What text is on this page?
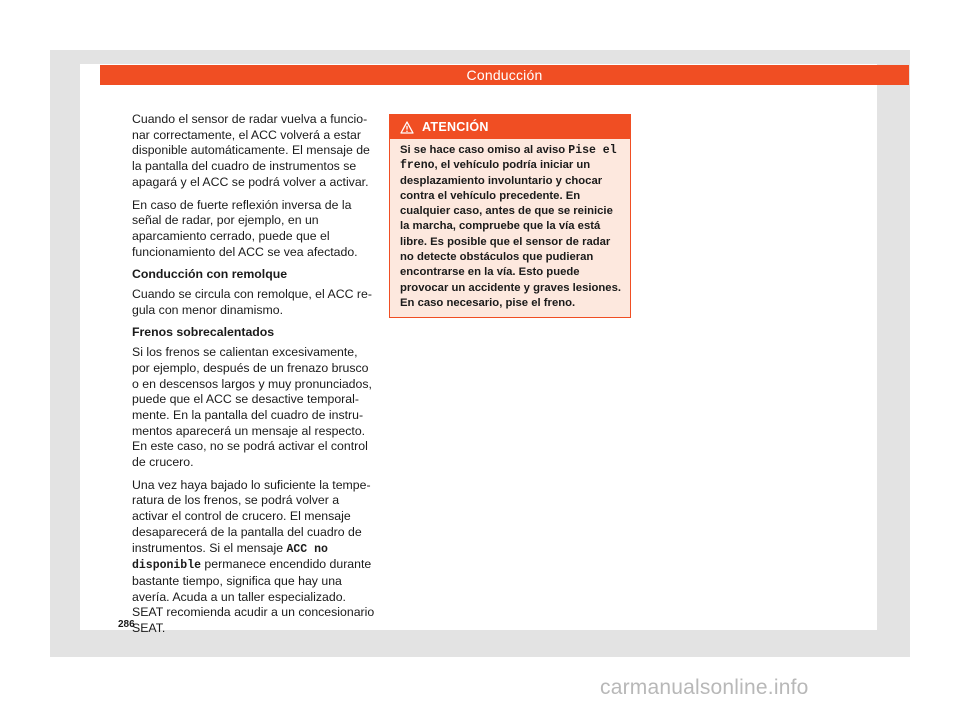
Cuando el sensor de radar vuelva a funcionar correctamente, el ACC volverá a estar disponible automáticamente. El mensaje de la pantalla del cuadro de instrumentos se apagará y el ACC se podrá volver a activar.

En caso de fuerte reflexión inversa de la señal de radar, por ejemplo, en un aparcamiento cerrado, puede que el funcionamiento del ACC se vea afectado.

Conducción con remolque

Cuando se circula con remolque, el ACC regula con menor dinamismo.

Frenos sobrecalentados

Si los frenos se calientan excesivamente, por ejemplo, después de un frenazo brusco o en descensos largos y muy pronunciados, puede que el ACC se desactive temporalmente. En la pantalla del cuadro de instrumentos aparecerá un mensaje al respecto. En este caso, no se podrá activar el control de crucero.

Una vez haya bajado lo suficiente la temperatura de los frenos, se podrá volver a activar el control de crucero. El mensaje desaparecerá de la pantalla del cuadro de instrumentos. Si el mensaje ACC no disponible permanece encendido durante bastante tiempo, significa que hay una avería. Acuda a un taller especializado. SEAT recomienda acudir a un concesionario SEAT.

ATENCIÓN
Si se hace caso omiso al aviso Pise el freno, el vehículo podría iniciar un desplazamiento involuntario y chocar contra el vehículo precedente. En cualquier caso, antes de que se reinicie la marcha, compruebe que la vía está libre. Es posible que el sensor de radar no detecte obstáculos que pudieran encontrarse en la vía. Esto puede provocar un accidente y graves lesiones. En caso necesario, pise el freno.
286
Conducción
carmanualsonline.info
